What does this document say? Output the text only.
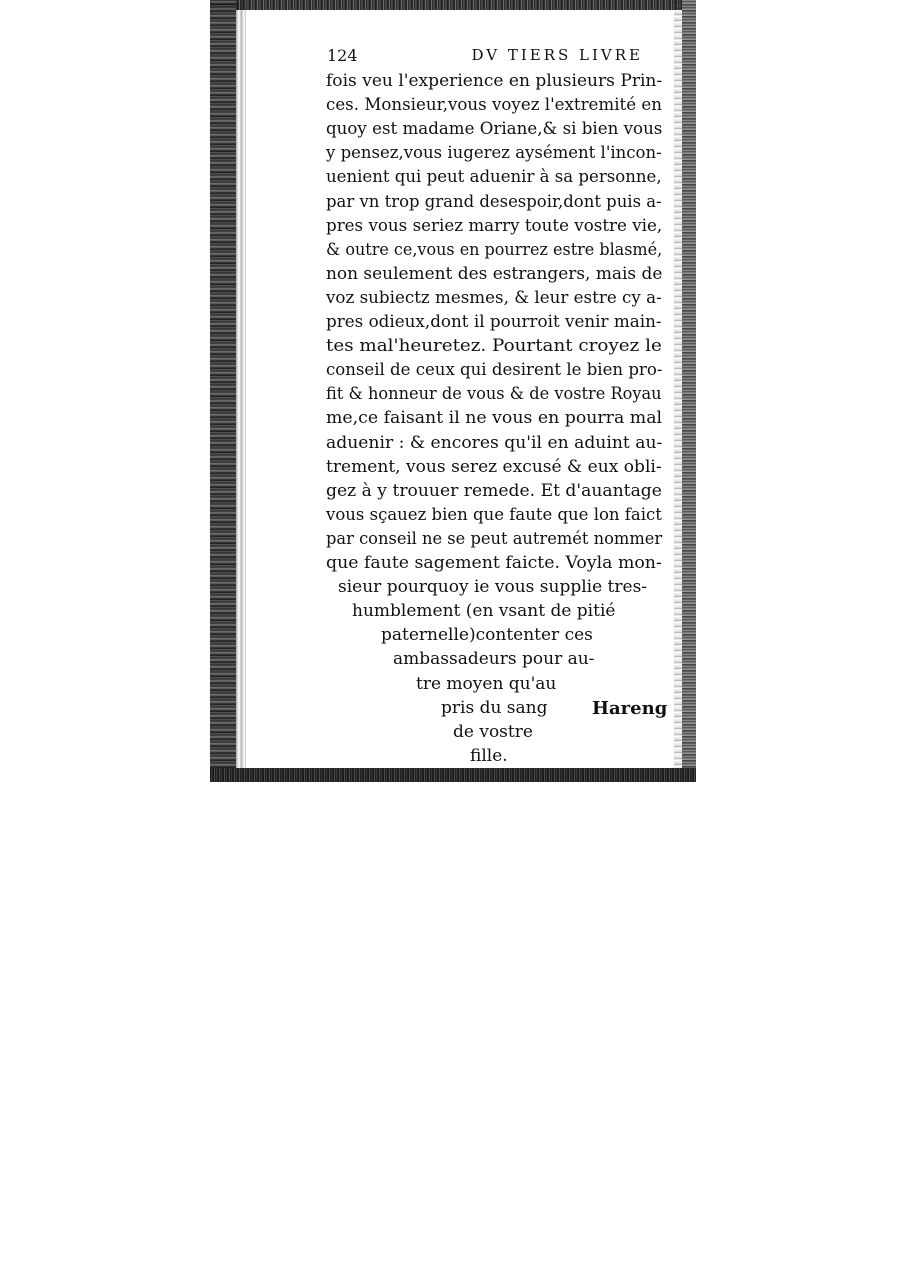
124	DV TIERS LIVRE
fois veu l'experience en plusieurs Prin-
ces. Monsieur,vous voyez l'extremité en
quoy est madame Oriane,& si bien vous
y pensez,vous iugerez aysément l'incon-
uenient qui peut aduenir à sa personne,
par vn trop grand desespoir,dont puis a-
pres vous seriez marry toute vostre vie,
& outre ce,vous en pourrez estre blasmé,
non seulement des estrangers, mais de
voz subiectz mesmes, & leur estre cy a-
pres odieux,dont il pourroit venir main-
tes mal'heuretez. Pourtant croyez le
conseil de ceux qui desirent le bien pro-
fit & honneur de vous & de vostre Royau
me,ce faisant il ne vous en pourra mal
aduenir : & encores qu'il en aduint au-
trement, vous serez excusé & eux obli-
gez à y trouuer remede. Et d'auantage
vous sçauez bien que faute que lon faict
par conseil ne se peut autremét nommer
que faute sagement faicte. Voyla mon-
sieur pourquoy ie vous supplie tres-
humblement (en vsant de pitié
paternelle)contenter ces
ambassadeurs pour au-
tre moyen qu'au
pris du sang
de vostre
fille.
Hareng
